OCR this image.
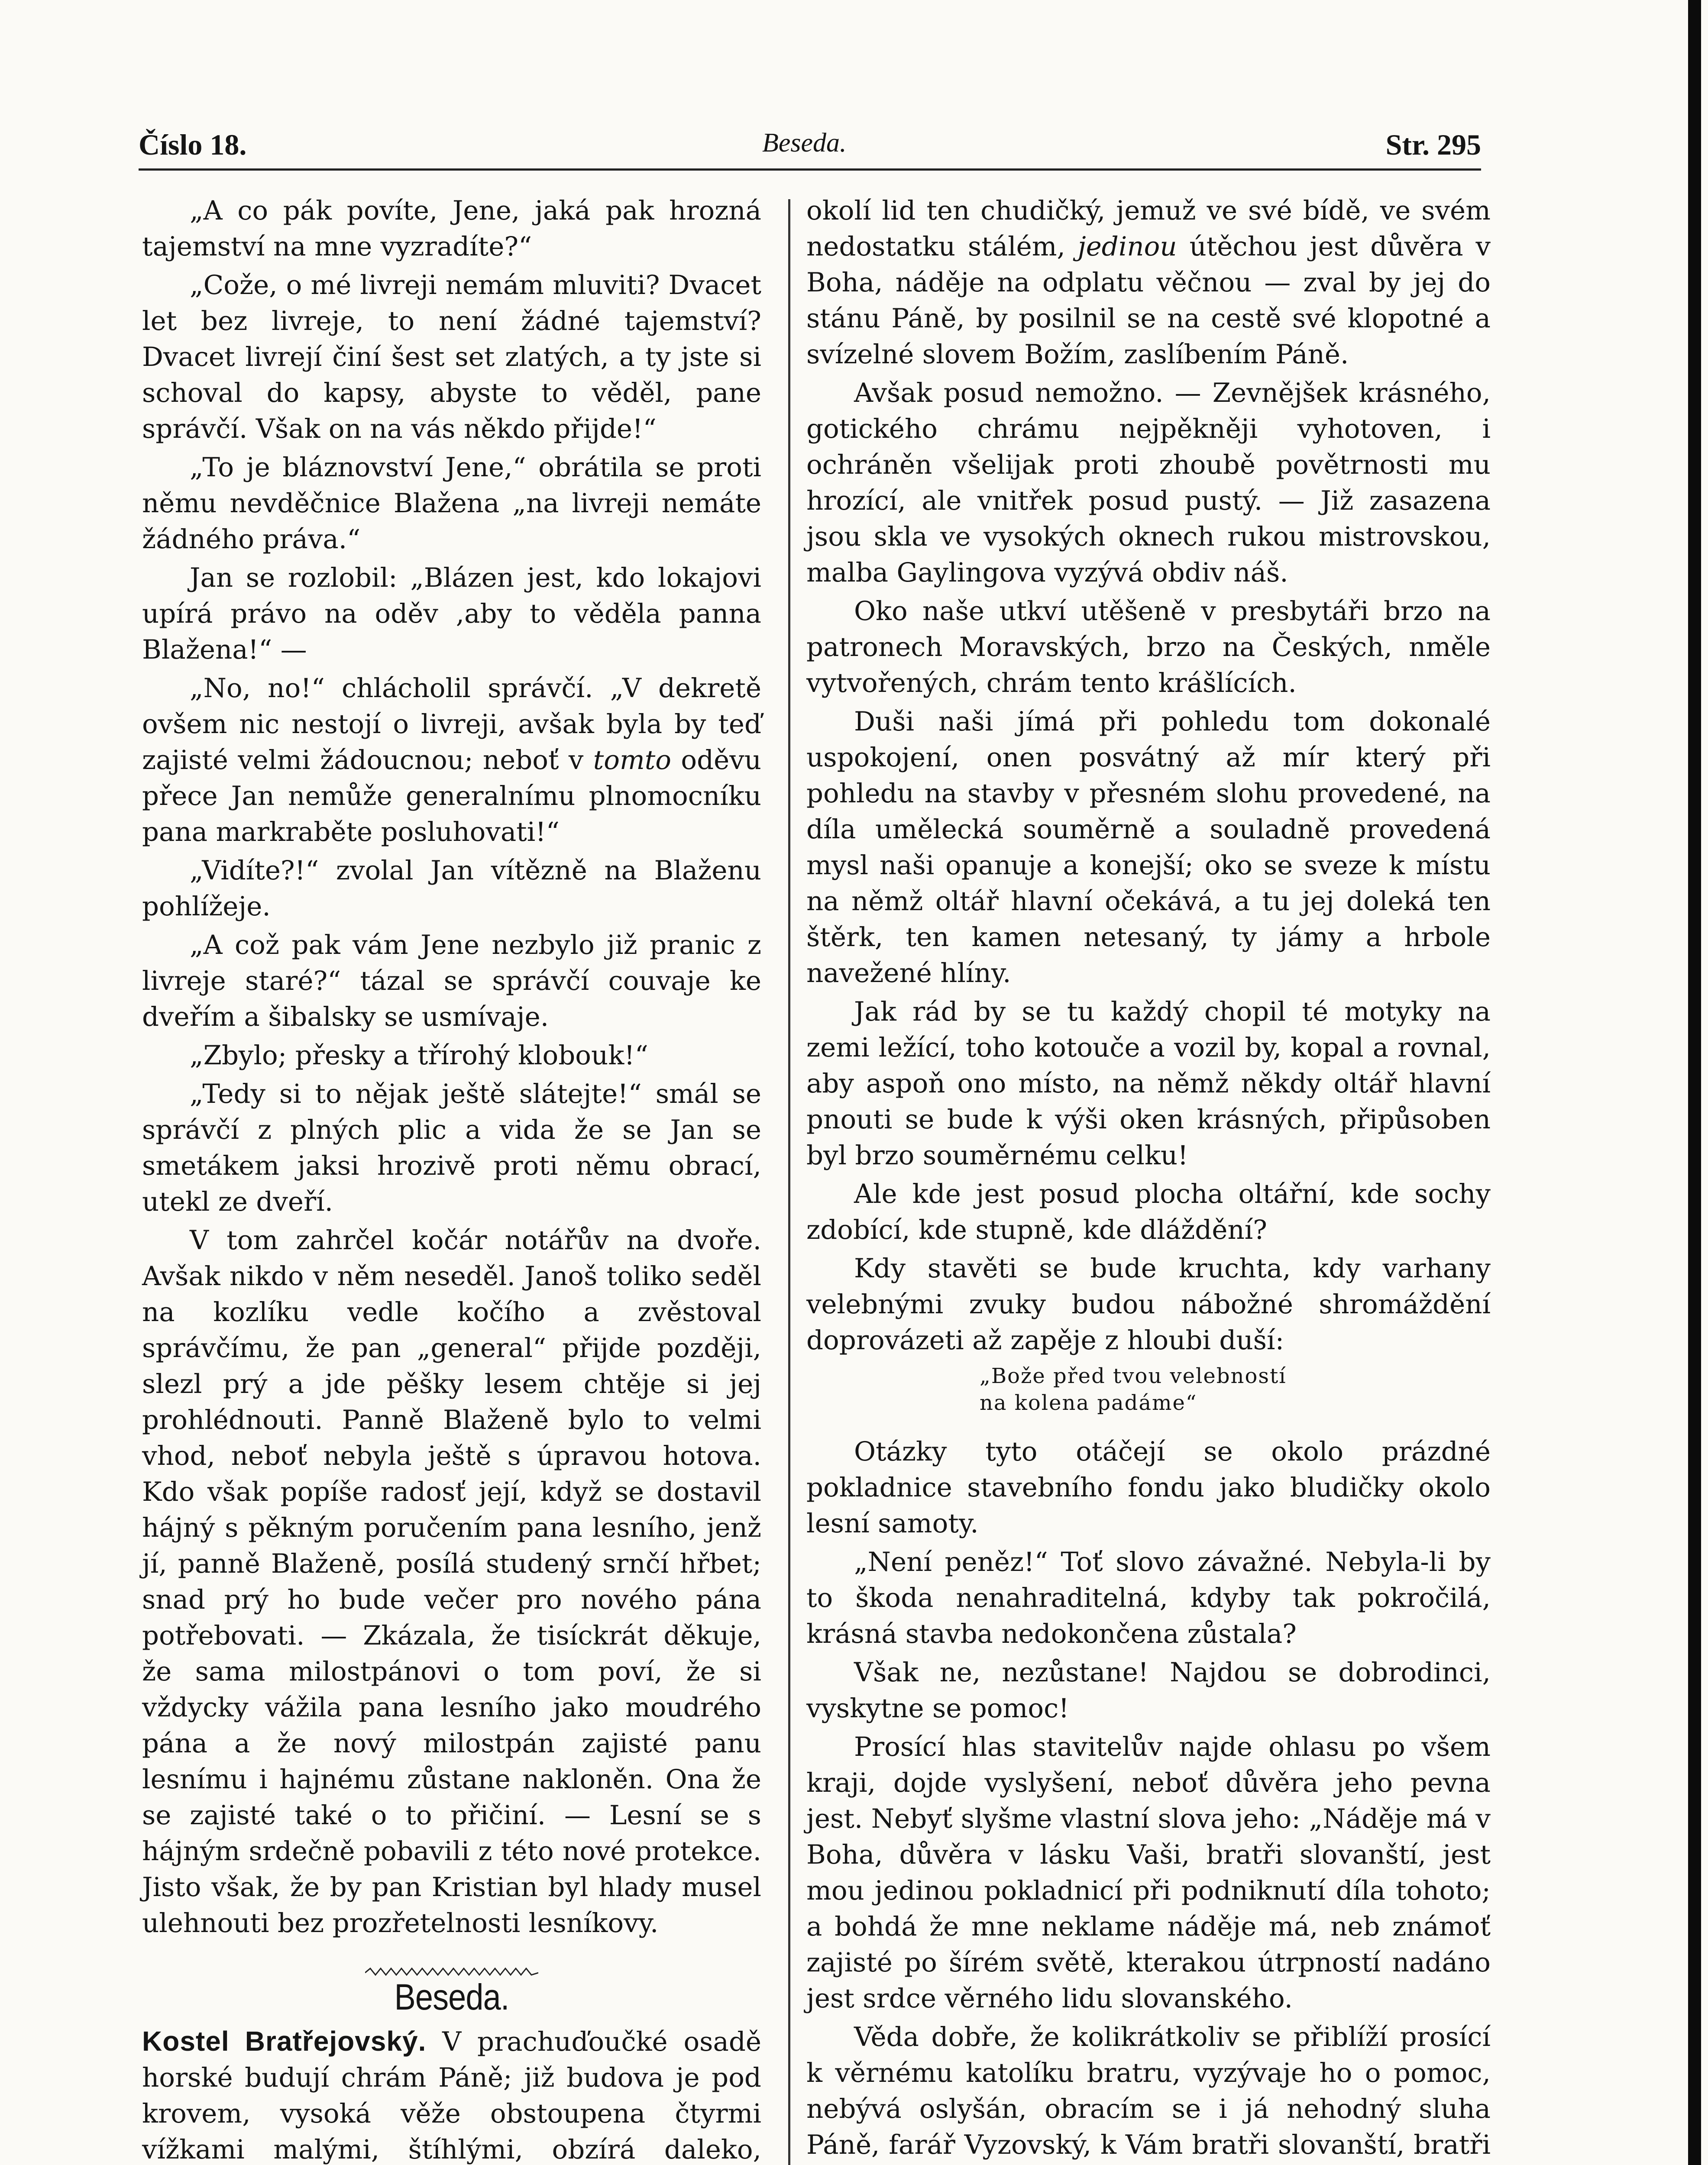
Číslo 18.	Beseda.	Str. 295

„A co pák povíte, Jene, jaká pak hrozná tajemství na mne vyzradíte?“

„Cože, o mé livreji nemám mluviti? Dvacet let bez livreje, to není žádné tajemství? Dvacet livrejí činí šest set zlatých, a ty jste si schoval do kapsy, abyste to věděl, pane správčí. Však on na vás někdo přijde!“

„To je bláznovství Jene,“ obrátila se proti němu nevděčnice Blažena „na livreji nemáte žádného práva.“

Jan se rozlobil: „Blázen jest, kdo lokajovi upírá právo na oděv ,aby to věděla panna Blažena!“ —

„No, no!“ chlácholil správčí. „V dekretě ovšem nic nestojí o livreji, avšak byla by teď zajisté velmi žádoucnou; neboť v tomto oděvu přece Jan nemůže generalnímu plnomocníku pana markraběte posluhovati!“

„Vidíte?!“ zvolal Jan vítězně na Blaženu pohlížeje.

„A což pak vám Jene nezbylo již pranic z livreje staré?“ tázal se správčí couvaje ke dveřím a šibalsky se usmívaje.

„Zbylo; přesky a třírohý klobouk!“

„Tedy si to nějak ještě slátejte!“ smál se správčí z plných plic a vida že se Jan se smetákem jaksi hrozivě proti němu obrací, utekl ze dveří.

V tom zahrčel kočár notářův na dvoře. Avšak nikdo v něm neseděl. Janoš toliko seděl na kozlíku vedle kočího a zvěstoval správčímu, že pan „general“ přijde později, slezl prý a jde pěšky lesem chtěje si jej prohlédnouti. Panně Blaženě bylo to velmi vhod, neboť nebyla ještě s úpravou hotova. Kdo však popíše radosť její, když se dostavil hájný s pěkným poručením pana lesního, jenž jí, panně Blaženě, posílá studený srnčí hřbet; snad prý ho bude večer pro nového pána potřebovati. — Zkázala, že tisíckrát děkuje, že sama milostpánovi o tom poví, že si vždycky vážila pana lesního jako moudrého pána a že nový milostpán zajisté panu lesnímu i hajnému zůstane nakloněn. Ona že se zajisté také o to přičiní. — Lesní se s hájným srdečně pobavili z této nové protekce. Jisto však, že by pan Kristian byl hlady musel ulehnouti bez prozřetelnosti lesníkovy.

Beseda.

Kostel Bratřejovský. V prachuďoučké osadě horské budují chrám Páně; již budova je pod krovem, vysoká věže obstoupena čtyrmi vížkami malými, štíhlými, obzírá daleko,

okolí lid ten chudičký, jemuž ve své bídě, ve svém nedostatku stálém, jedinou útěchou jest důvěra v Boha, náděje na odplatu věčnou — zval by jej do stánu Páně, by posilnil se na cestě své klopotné a svízelné slovem Božím, zaslíbením Páně.

Avšak posud nemožno. — Zevnějšek krásného, gotického chrámu nejpěkněji vyhotoven, i ochráněn všelijak proti zhoubě povětrnosti mu hrozící, ale vnitřek posud pustý. — Již zasazena jsou skla ve vysokých oknech rukou mistrovskou, malba Gaylingova vyzývá obdiv náš.

Oko naše utkví utěšeně v presbytáři brzo na patronech Moravských, brzo na Českých, nměle vytvořených, chrám tento krášlících.

Duši naši jímá při pohledu tom dokonalé uspokojení, onen posvátný až mír který při pohledu na stavby v přesném slohu provedené, na díla umělecká souměrně a souladně provedená mysl naši opanuje a konejší; oko se sveze k místu na němž oltář hlavní očekává, a tu jej doleká ten štěrk, ten kamen netesaný, ty jámy a hrbole navežené hlíny.

Jak rád by se tu každý chopil té motyky na zemi ležící, toho kotouče a vozil by, kopal a rovnal, aby aspoň ono místo, na němž někdy oltář hlavní pnouti se bude k výši oken krásných, připůsoben byl brzo souměrnému celku!

Ale kde jest posud plocha oltářní, kde sochy zdobící, kde stupně, kde dláždění?

Kdy stavěti se bude kruchta, kdy varhany velebnými zvuky budou nábožné shromáždění doprovázeti až zapěje z hloubi duší:

„Bože před tvou velebností
na kolena padáme“

Otázky tyto otáčejí se okolo prázdné pokladnice stavebního fondu jako bludičky okolo lesní samoty.

„Není peněz!“ Toť slovo závažné. Nebyla-li by to škoda nenahraditelná, kdyby tak pokročilá, krásná stavba nedokončena zůstala?

Však ne, nezůstane! Najdou se dobrodinci, vyskytne se pomoc!

Prosící hlas stavitelův najde ohlasu po všem kraji, dojde vyslyšení, neboť důvěra jeho pevna jest. Nebyť slyšme vlastní slova jeho: „Náděje má v Boha, důvěra v lásku Vaši, bratři slovanští, jest mou jedinou pokladnicí při podniknutí díla tohoto; a bohdá že mne neklame náděje má, neb známoť zajisté po šírém světě, kterakou útrpností nadáno jest srdce věrného lidu slovanského.

Věda dobře, že kolikrátkoliv se přiblíží prosící k věrnému katolíku bratru, vyzývaje ho o pomoc, nebývá oslyšán, obracím se i já nehodný sluha Páně, farář Vyzovský, k Vám bratři slovanští, bratři
